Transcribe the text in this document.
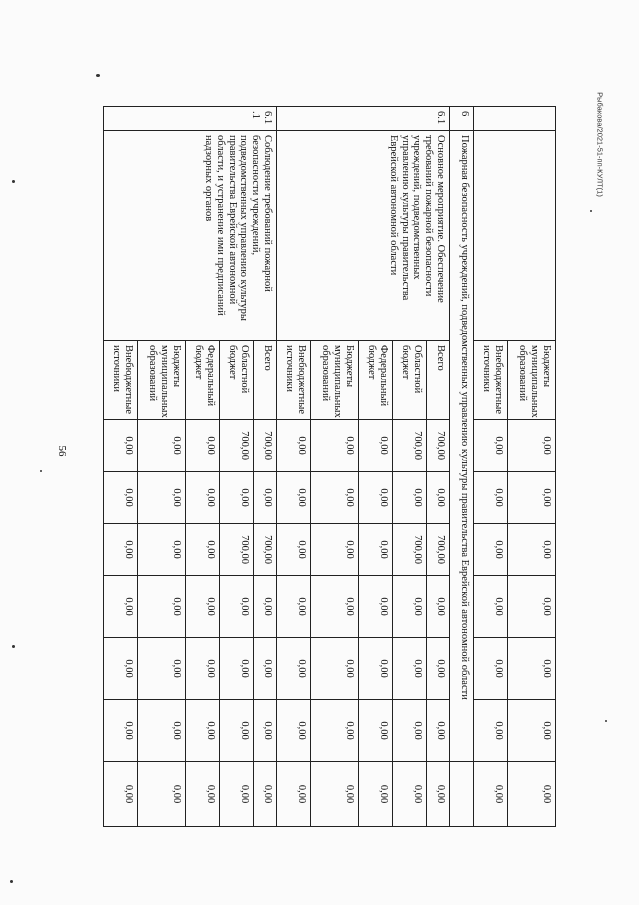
56
Рыбакова/2021-51-пп-КУЛТ(1)
		Бюджеты муниципальных образований	0,00	0,00	0,00	0,00	0,00	0,00	0,00
		Внебюджетные источники	0,00	0,00	0,00	0,00	0,00	0,00	0,00
6	Пожарная безопасность учреждений, подведомственных управлению культуры правительства Еврейской автономной области								
6.1	Основное мероприятие. Обеспечение требований пожарной безопасности учреждений, подведомственных управлению культуры правительства Еврейской автономной области	Всего	700,00	0,00	700,00	0,00	0,00	0,00	0,00
		Областной бюджет	700,00	0,00	700,00	0,00	0,00	0,00	0,00
		Федеральный бюджет	0,00	0,00	0,00	0,00	0,00	0,00	0,00
		Бюджеты муниципальных образований	0,00	0,00	0,00	0,00	0,00	0,00	0,00
		Внебюджетные источники	0,00	0,00	0,00	0,00	0,00	0,00	0,00
6.1 .1	Соблюдение требований пожарной безопасности учреждений, подведомственных управлению культуры правительства Еврейской автономной области, и устранение ими предписаний надзорных органов	Всего	700,00	0,00	700,00	0,00	0,00	0,00	0,00
		Областной бюджет	700,00	0,00	700,00	0,00	0,00	0,00	0,00
		Федеральный бюджет	0,00	0,00	0,00	0,00	0,00	0,00	0,00
		Бюджеты муниципальных образований	0,00	0,00	0,00	0,00	0,00	0,00	0,00
		Внебюджетные источники	0,00	0,00	0,00	0,00	0,00	0,00	0,00
